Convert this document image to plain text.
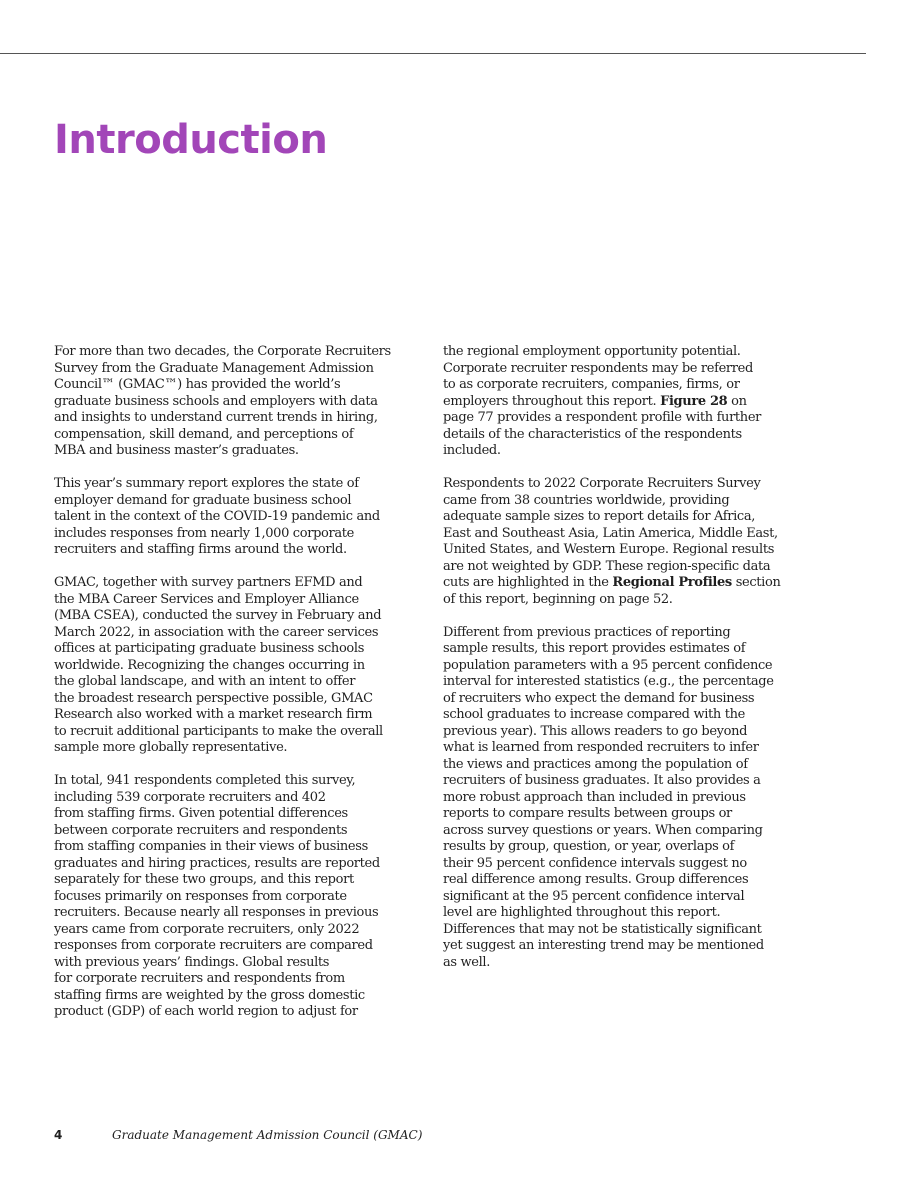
Introduction

For more than two decades, the Corporate Recruiters
Survey from the Graduate Management Admission
Council™ (GMAC™) has provided the world’s
graduate business schools and employers with data
and insights to understand current trends in hiring,
compensation, skill demand, and perceptions of
MBA and business master’s graduates.

This year’s summary report explores the state of
employer demand for graduate business school
talent in the context of the COVID-19 pandemic and
includes responses from nearly 1,000 corporate
recruiters and staffing firms around the world.

GMAC, together with survey partners EFMD and
the MBA Career Services and Employer Alliance
(MBA CSEA), conducted the survey in February and
March 2022, in association with the career services
offices at participating graduate business schools
worldwide. Recognizing the changes occurring in
the global landscape, and with an intent to offer
the broadest research perspective possible, GMAC
Research also worked with a market research firm
to recruit additional participants to make the overall
sample more globally representative.

In total, 941 respondents completed this survey,
including 539 corporate recruiters and 402
from staffing firms. Given potential differences
between corporate recruiters and respondents
from staffing companies in their views of business
graduates and hiring practices, results are reported
separately for these two groups, and this report
focuses primarily on responses from corporate
recruiters. Because nearly all responses in previous
years came from corporate recruiters, only 2022
responses from corporate recruiters are compared
with previous years’ findings. Global results
for corporate recruiters and respondents from
staffing firms are weighted by the gross domestic
product (GDP) of each world region to adjust for

the regional employment opportunity potential.
Corporate recruiter respondents may be referred
to as corporate recruiters, companies, firms, or
employers throughout this report. Figure 28 on
page 77 provides a respondent profile with further
details of the characteristics of the respondents
included.

Respondents to 2022 Corporate Recruiters Survey
came from 38 countries worldwide, providing
adequate sample sizes to report details for Africa,
East and Southeast Asia, Latin America, Middle East,
United States, and Western Europe. Regional results
are not weighted by GDP. These region-specific data
cuts are highlighted in the Regional Profiles section
of this report, beginning on page 52.

Different from previous practices of reporting
sample results, this report provides estimates of
population parameters with a 95 percent confidence
interval for interested statistics (e.g., the percentage
of recruiters who expect the demand for business
school graduates to increase compared with the
previous year). This allows readers to go beyond
what is learned from responded recruiters to infer
the views and practices among the population of
recruiters of business graduates. It also provides a
more robust approach than included in previous
reports to compare results between groups or
across survey questions or years. When comparing
results by group, question, or year, overlaps of
their 95 percent confidence intervals suggest no
real difference among results. Group differences
significant at the 95 percent confidence interval
level are highlighted throughout this report.
Differences that may not be statistically significant
yet suggest an interesting trend may be mentioned
as well.

4	Graduate Management Admission Council (GMAC)
